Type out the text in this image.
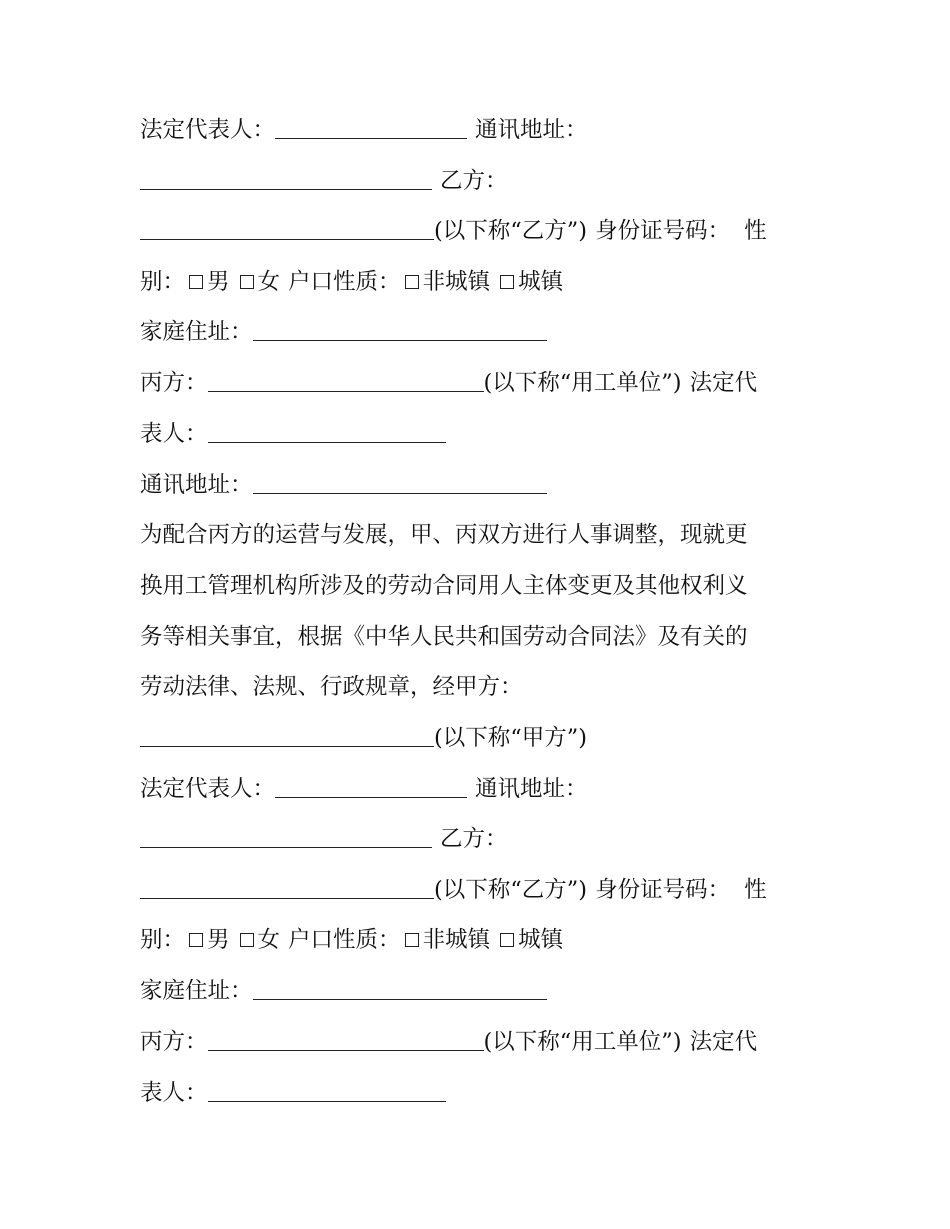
法定代表人：	通讯地址：
乙方：
(以下称“乙方”) 身份证号码： 性
别： 男 女 户口性质： 非城镇 城镇
家庭住址：
丙方：	(以下称“用工单位”) 法定代
表人：
通讯地址：
为配合丙方的运营与发展，甲、丙双方进行人事调整，现就更
换用工管理机构所涉及的劳动合同用人主体变更及其他权利义
务等相关事宜，根据《中华人民共和国劳动合同法》及有关的
劳动法律、法规、行政规章，经甲方：
(以下称“甲方”)
法定代表人：	通讯地址：
乙方：
(以下称“乙方”) 身份证号码： 性
别： 男 女 户口性质： 非城镇 城镇
家庭住址：
丙方：	(以下称“用工单位”) 法定代
表人：
